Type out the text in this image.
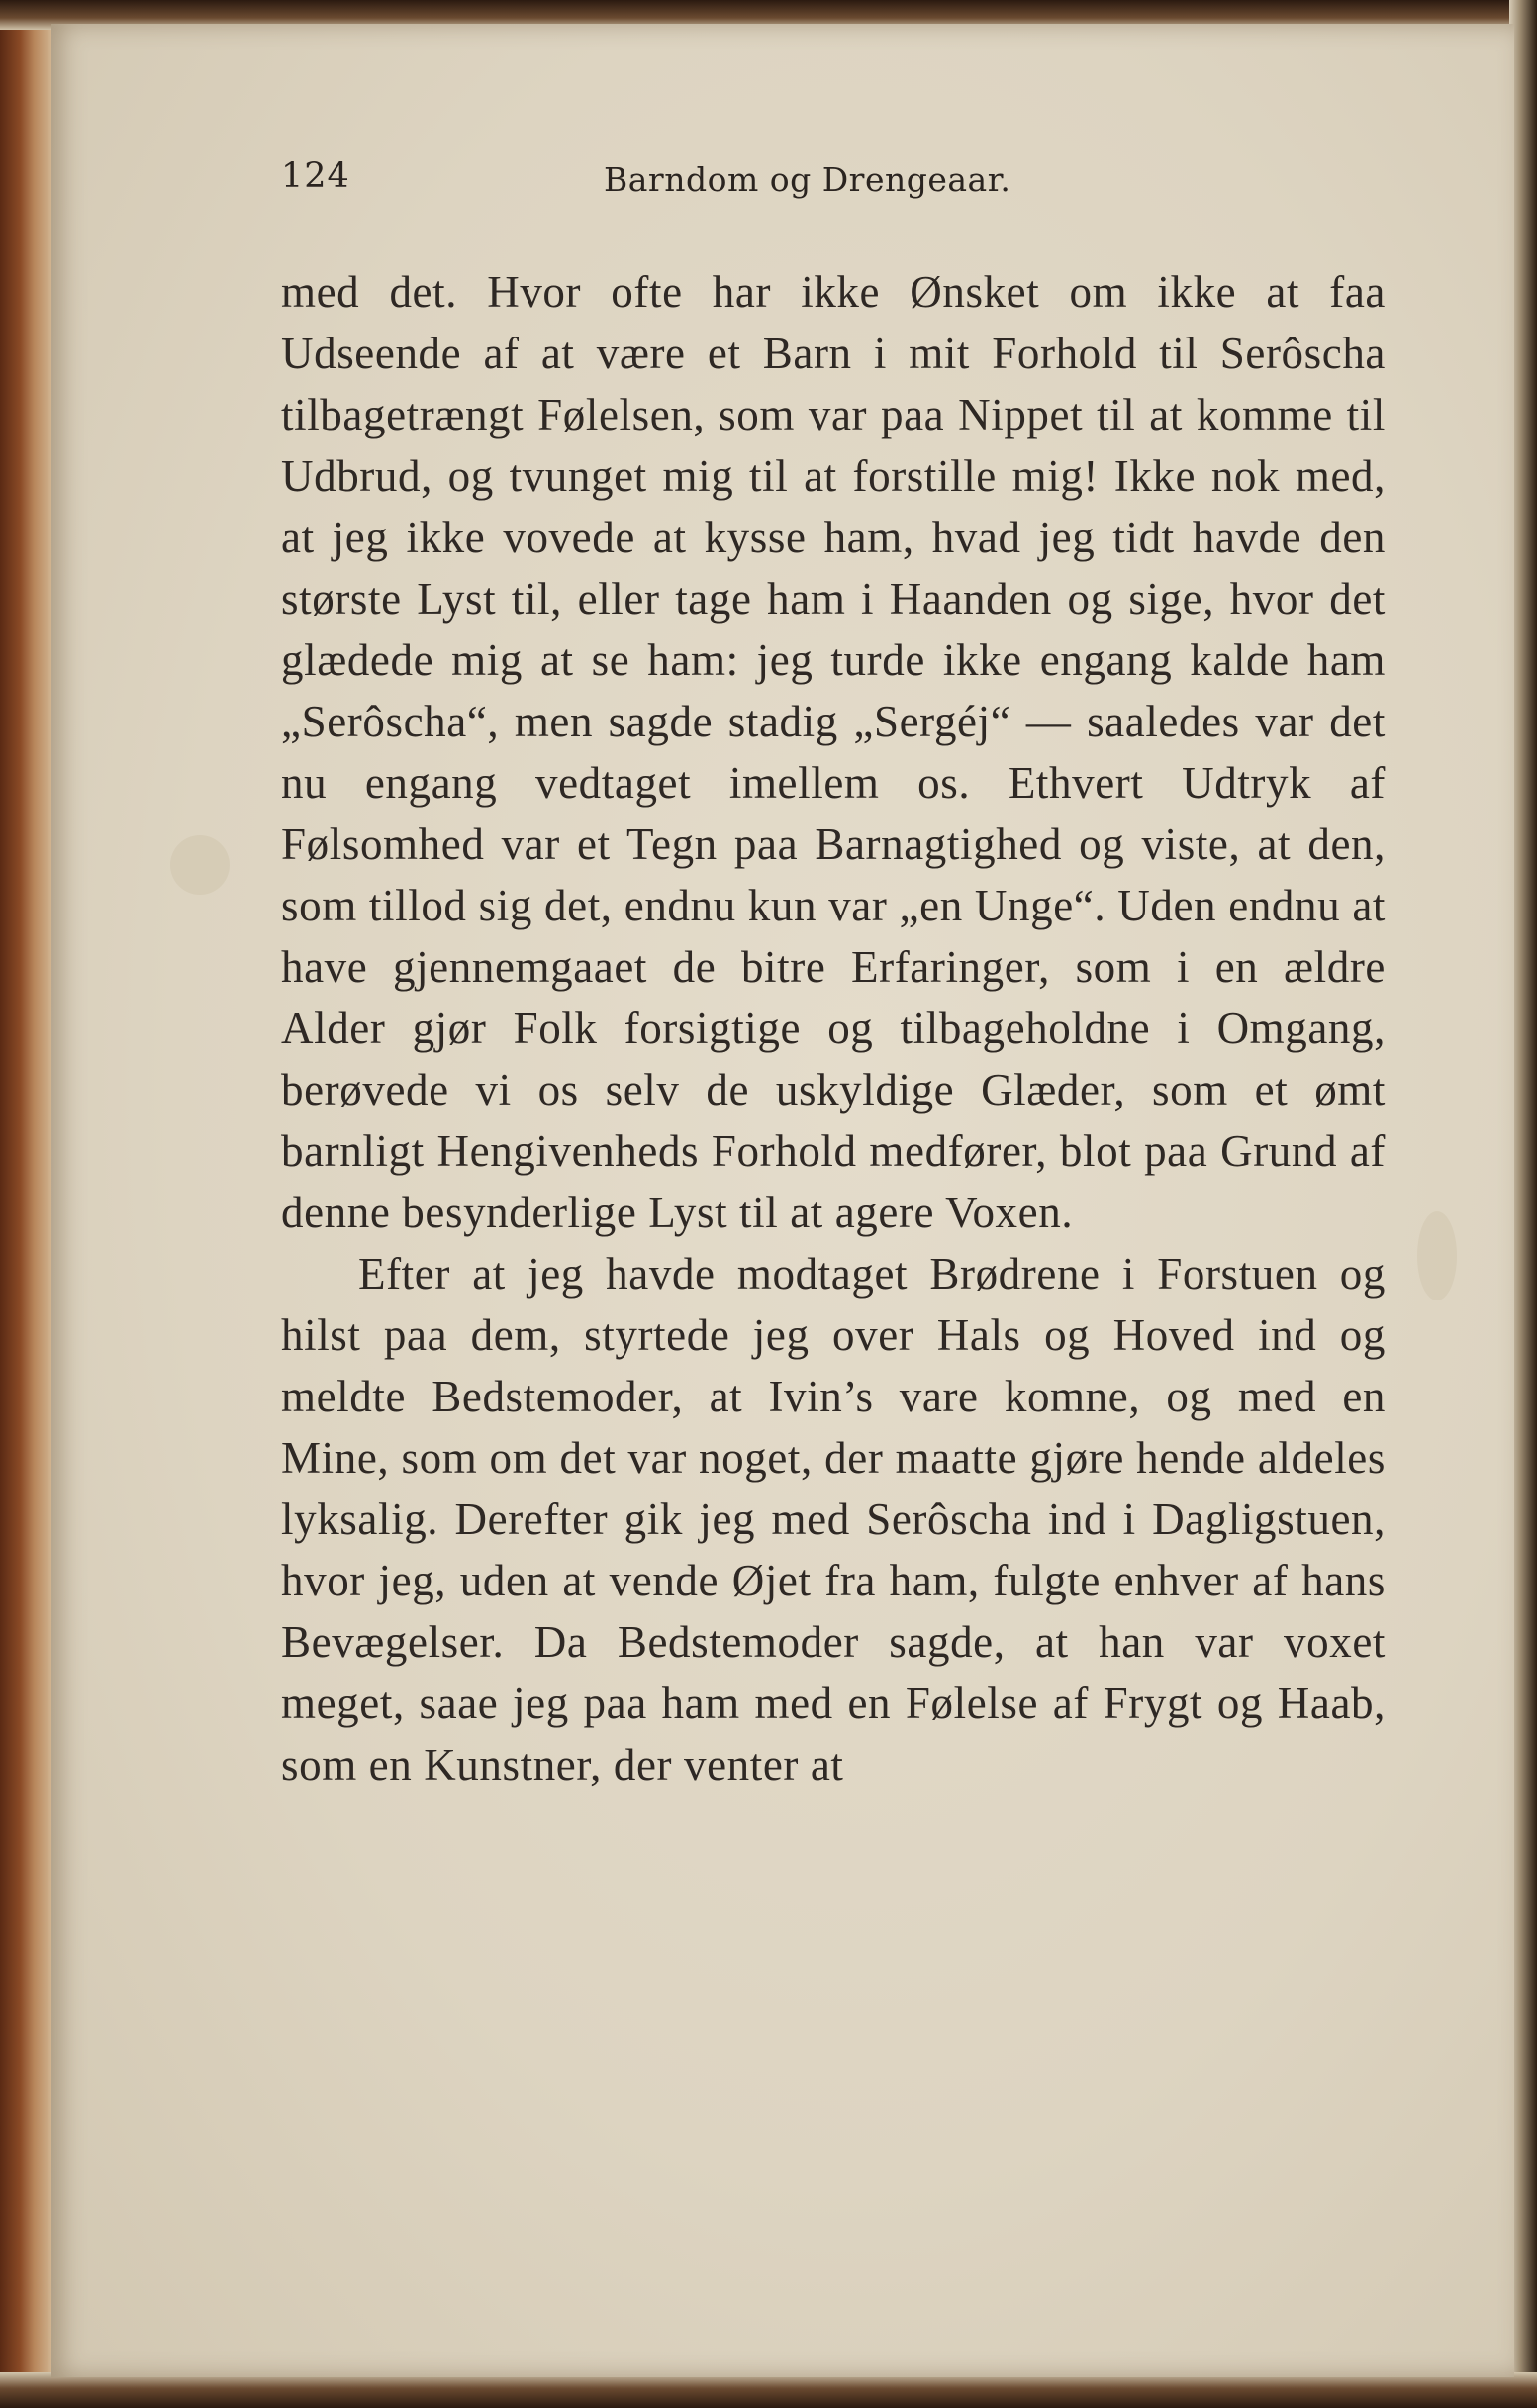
124	Barndom og Drengeaar.

med det. Hvor ofte har ikke Ønsket om ikke at faa Udseende af at være et Barn i mit Forhold til Serôscha tilbagetrængt Følelsen, som var paa Nippet til at komme til Udbrud, og tvunget mig til at forstille mig! Ikke nok med, at jeg ikke vovede at kysse ham, hvad jeg tidt havde den største Lyst til, eller tage ham i Haanden og sige, hvor det glædede mig at se ham: jeg turde ikke engang kalde ham „Serôscha“, men sagde stadig „Sergéj“ — saaledes var det nu engang vedtaget imellem os. Ethvert Udtryk af Følsomhed var et Tegn paa Barnagtighed og viste, at den, som tillod sig det, endnu kun var „en Unge“. Uden endnu at have gjennemgaaet de bitre Erfaringer, som i en ældre Alder gjør Folk forsigtige og tilbageholdne i Omgang, berøvede vi os selv de uskyldige Glæder, som et ømt barnligt Hengivenheds Forhold medfører, blot paa Grund af denne besynderlige Lyst til at agere Voxen.

Efter at jeg havde modtaget Brødrene i Forstuen og hilst paa dem, styrtede jeg over Hals og Hoved ind og meldte Bedstemoder, at Ivin’s vare komne, og med en Mine, som om det var noget, der maatte gjøre hende aldeles lyksalig. Derefter gik jeg med Serôscha ind i Dagligstuen, hvor jeg, uden at vende Øjet fra ham, fulgte enhver af hans Bevægelser. Da Bedstemoder sagde, at han var voxet meget, saae jeg paa ham med en Følelse af Frygt og Haab, som en Kunstner, der venter at
